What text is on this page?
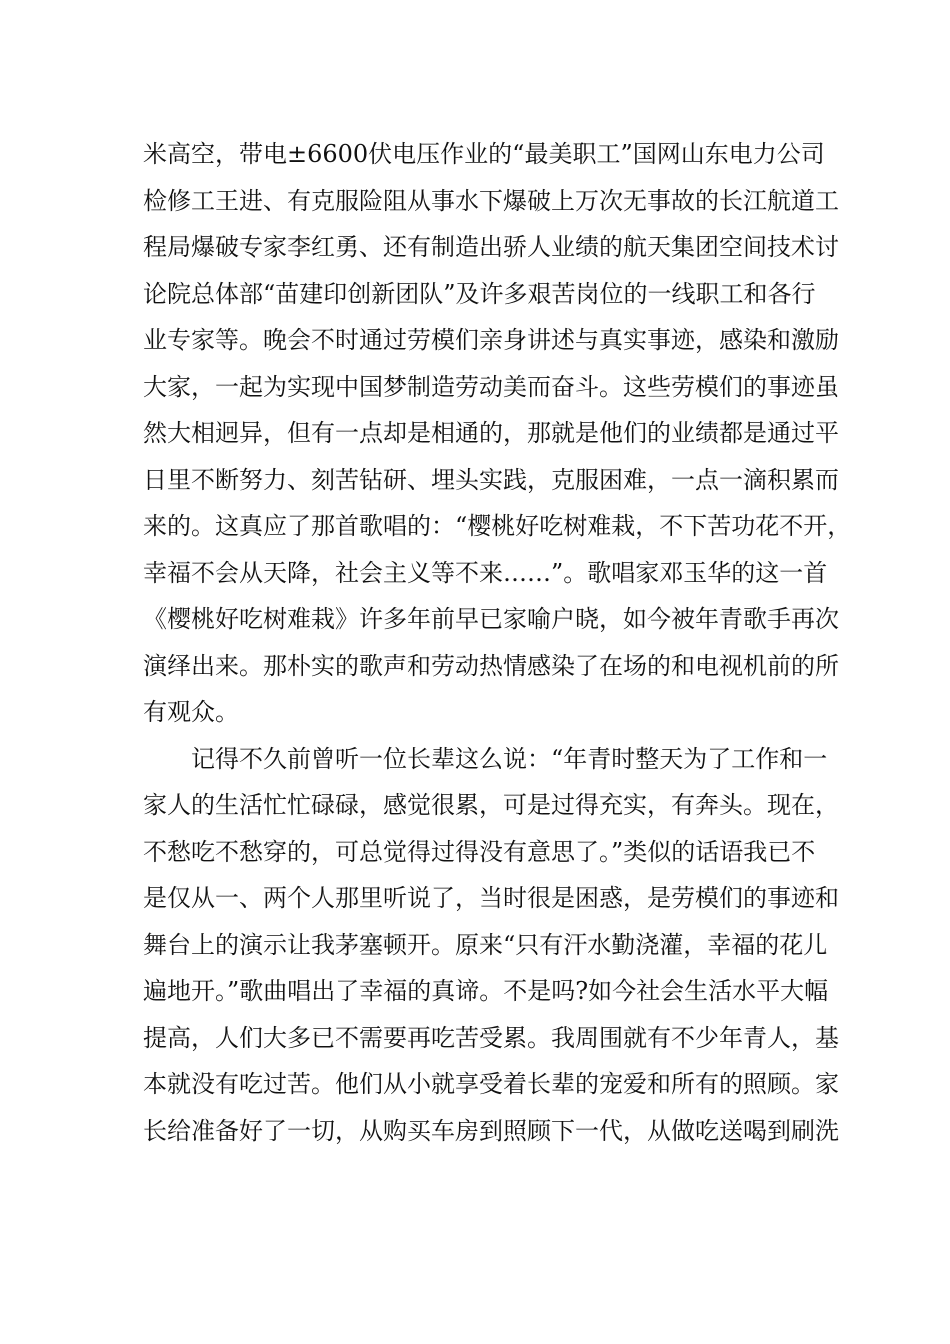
米高空，带电±6600伏电压作业的“最美职工”国网山东电力公司
检修工王进、有克服险阻从事水下爆破上万次无事故的长江航道工
程局爆破专家李红勇、还有制造出骄人业绩的航天集团空间技术讨
论院总体部“苗建印创新团队”及许多艰苦岗位的一线职工和各行
业专家等。晚会不时通过劳模们亲身讲述与真实事迹，感染和激励
大家，一起为实现中国梦制造劳动美而奋斗。这些劳模们的事迹虽
然大相迥异，但有一点却是相通的，那就是他们的业绩都是通过平
日里不断努力、刻苦钻研、埋头实践，克服困难，一点一滴积累而
来的。这真应了那首歌唱的：“樱桃好吃树难栽，不下苦功花不开，
幸福不会从天降，社会主义等不来……”。歌唱家邓玉华的这一首
《樱桃好吃树难栽》许多年前早已家喻户晓，如今被年青歌手再次
演绎出来。那朴实的歌声和劳动热情感染了在场的和电视机前的所
有观众。
记得不久前曾听一位长辈这么说：“年青时整天为了工作和一
家人的生活忙忙碌碌，感觉很累，可是过得充实，有奔头。现在，
不愁吃不愁穿的，可总觉得过得没有意思了。”类似的话语我已不
是仅从一、两个人那里听说了，当时很是困惑，是劳模们的事迹和
舞台上的演示让我茅塞顿开。原来“只有汗水勤浇灌，幸福的花儿
遍地开。”歌曲唱出了幸福的真谛。不是吗?如今社会生活水平大幅
提高，人们大多已不需要再吃苦受累。我周围就有不少年青人，基
本就没有吃过苦。他们从小就享受着长辈的宠爱和所有的照顾。家
长给准备好了一切，从购买车房到照顾下一代，从做吃送喝到刷洗
